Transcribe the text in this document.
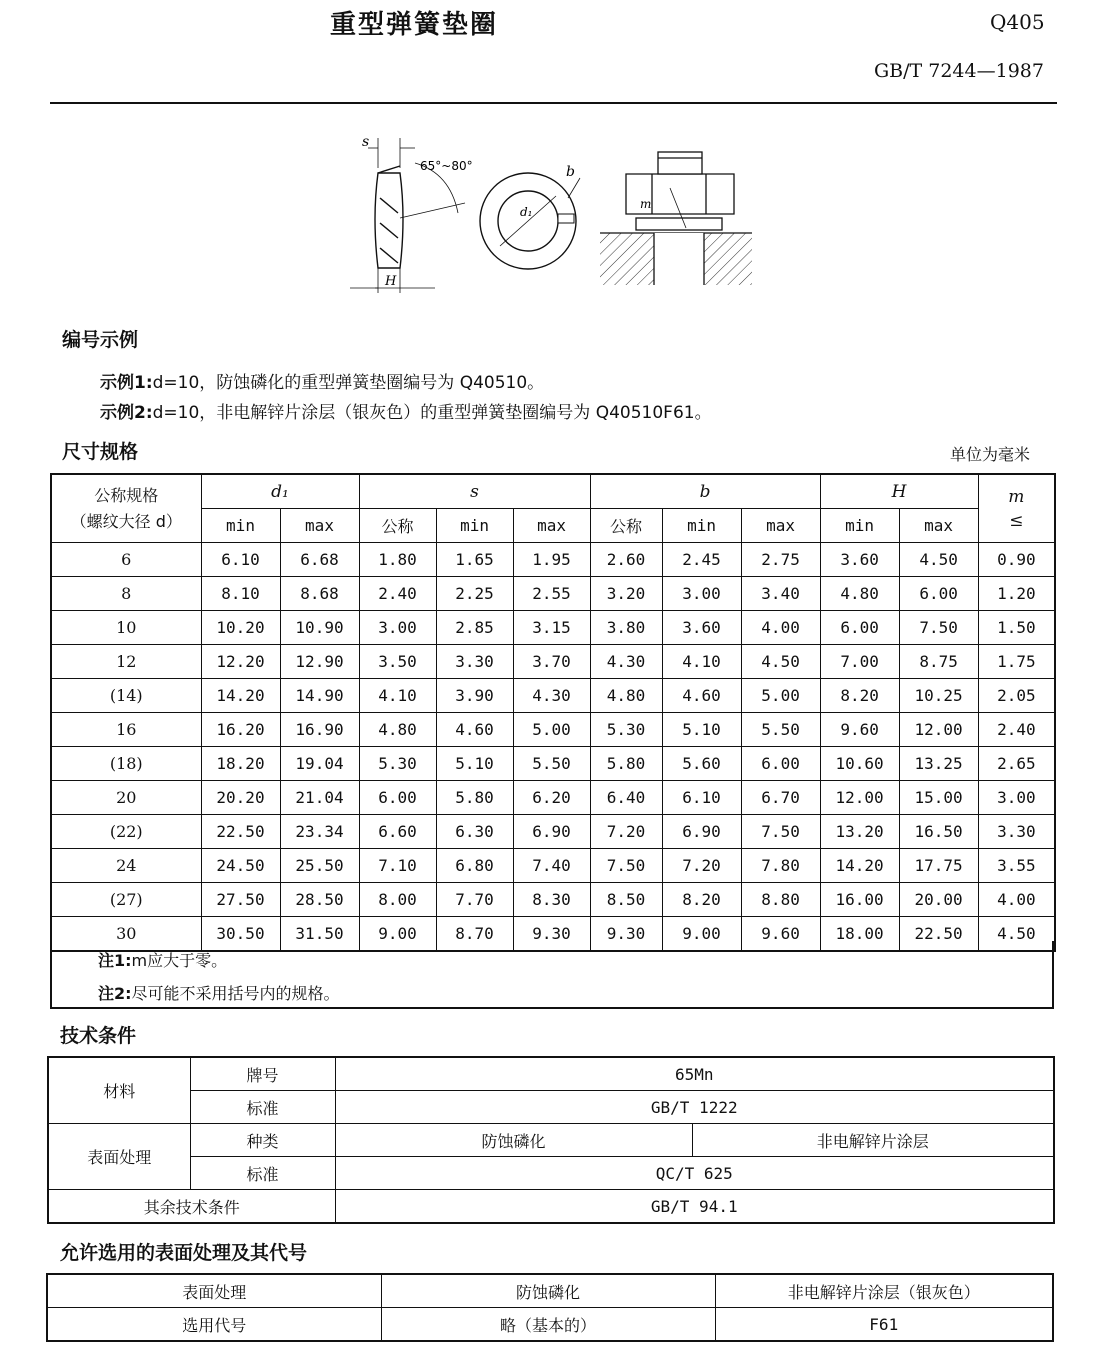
重型弹簧垫圈	Q405
GB/T 7244—1987
s
65°~80°
H
b
d₁
m
编号示例
示例1:d=10，防蚀磷化的重型弹簧垫圈编号为 Q40510。
示例2:d=10，非电解锌片涂层（银灰色）的重型弹簧垫圈编号为 Q40510F61。
尺寸规格	单位为毫米
公称规格
（螺纹大径 d）	d₁		s			b			H		m
≤
	min	max	公称	min	max	公称	min	max	min	max	
6	6.10	6.68	1.80	1.65	1.95	2.60	2.45	2.75	3.60	4.50	0.90
8	8.10	8.68	2.40	2.25	2.55	3.20	3.00	3.40	4.80	6.00	1.20
10	10.20	10.90	3.00	2.85	3.15	3.80	3.60	4.00	6.00	7.50	1.50
12	12.20	12.90	3.50	3.30	3.70	4.30	4.10	4.50	7.00	8.75	1.75
(14)	14.20	14.90	4.10	3.90	4.30	4.80	4.60	5.00	8.20	10.25	2.05
16	16.20	16.90	4.80	4.60	5.00	5.30	5.10	5.50	9.60	12.00	2.40
(18)	18.20	19.04	5.30	5.10	5.50	5.80	5.60	6.00	10.60	13.25	2.65
20	20.20	21.04	6.00	5.80	6.20	6.40	6.10	6.70	12.00	15.00	3.00
(22)	22.50	23.34	6.60	6.30	6.90	7.20	6.90	7.50	13.20	16.50	3.30
24	24.50	25.50	7.10	6.80	7.40	7.50	7.20	7.80	14.20	17.75	3.55
(27)	27.50	28.50	8.00	7.70	8.30	8.50	8.20	8.80	16.00	20.00	4.00
30	30.50	31.50	9.00	8.70	9.30	9.30	9.00	9.60	18.00	22.50	4.50
注1:m应大于零。
注2:尽可能不采用括号内的规格。
技术条件
材料	牌号	65Mn	
	标准	GB/T 1222	
表面处理	种类	防蚀磷化	非电解锌片涂层
	标准	QC/T 625	
其余技术条件		GB/T 94.1	
允许选用的表面处理及其代号
表面处理	防蚀磷化	非电解锌片涂层（银灰色）
选用代号	略（基本的）	F61
